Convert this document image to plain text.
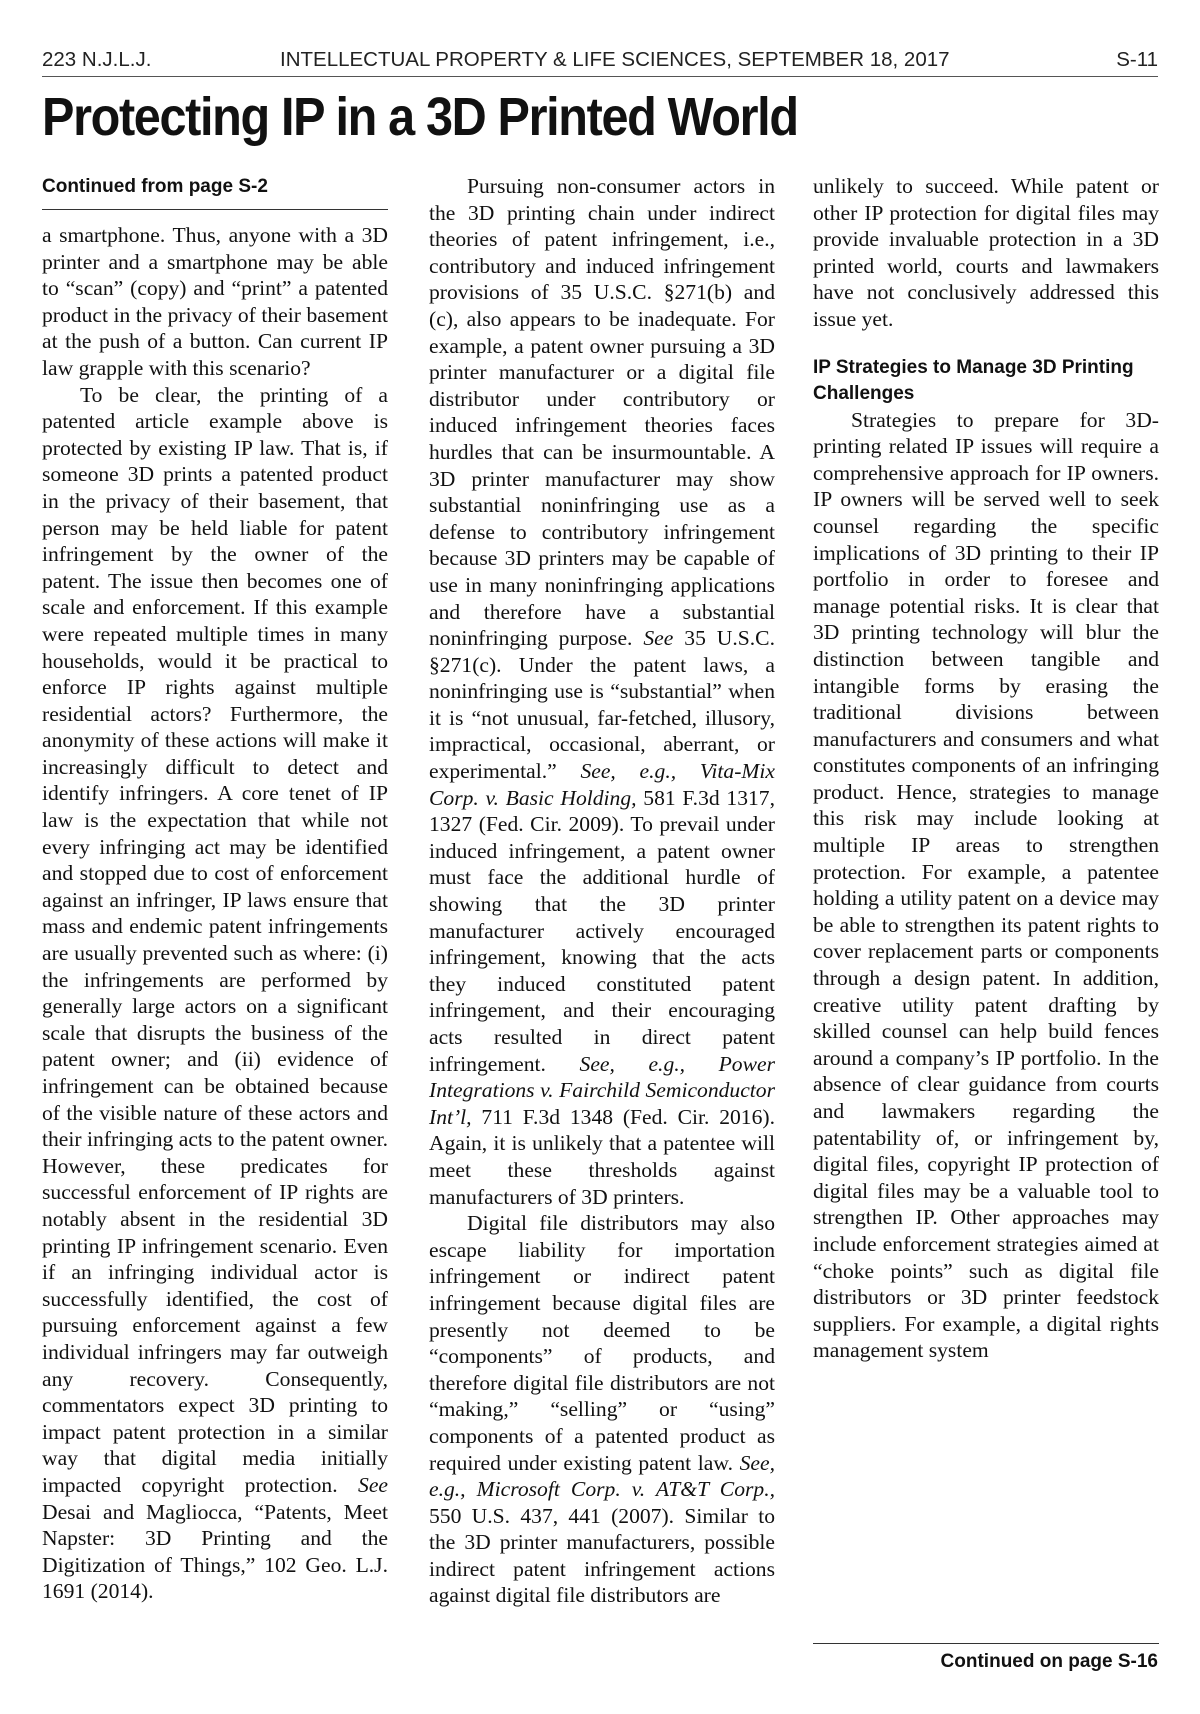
223 N.J.L.J.	INTELLECTUAL PROPERTY & LIFE SCIENCES, SEPTEMBER 18, 2017	S-11
Protecting IP in a 3D Printed World
Continued from page S-2

a smartphone. Thus, anyone with a 3D printer and a smartphone may be able to “scan” (copy) and “print” a patented product in the privacy of their basement at the push of a button. Can current IP law grapple with this scenario?

To be clear, the printing of a patented article example above is protected by existing IP law. That is, if someone 3D prints a patented product in the privacy of their basement, that person may be held liable for patent infringement by the owner of the patent. The issue then becomes one of scale and enforcement. If this example were repeated multiple times in many households, would it be practical to enforce IP rights against multiple residential actors? Furthermore, the anonymity of these actions will make it increasingly difficult to detect and identify infringers. A core tenet of IP law is the expectation that while not every infringing act may be identified and stopped due to cost of enforcement against an infringer, IP laws ensure that mass and endemic patent infringements are usually prevented such as where: (i) the infringements are performed by generally large actors on a significant scale that disrupts the business of the patent owner; and (ii) evidence of infringement can be obtained because of the visible nature of these actors and their infringing acts to the patent owner. However, these predicates for successful enforcement of IP rights are notably absent in the residential 3D printing IP infringement scenario. Even if an infringing individual actor is successfully identified, the cost of pursuing enforcement against a few individual infringers may far outweigh any recovery. Consequently, commentators expect 3D printing to impact patent protection in a similar way that digital media initially impacted copyright protection. See Desai and Magliocca, “Patents, Meet Napster: 3D Printing and the Digitization of Things,” 102 Geo. L.J. 1691 (2014).

Pursuing non-consumer actors in the 3D printing chain under indirect theories of patent infringement, i.e., contributory and induced infringement provisions of 35 U.S.C. §271(b) and (c), also appears to be inadequate. For example, a patent owner pursuing a 3D printer manufacturer or a digital file distributor under contributory or induced infringement theories faces hurdles that can be insurmountable. A 3D printer manufacturer may show substantial noninfringing use as a defense to contributory infringement because 3D printers may be capable of use in many noninfringing applications and therefore have a substantial noninfringing purpose. See 35 U.S.C. §271(c). Under the patent laws, a noninfringing use is “substantial” when it is “not unusual, far-fetched, illusory, impractical, occasional, aberrant, or experimental.” See, e.g., Vita-Mix Corp. v. Basic Holding, 581 F.3d 1317, 1327 (Fed. Cir. 2009). To prevail under induced infringement, a patent owner must face the additional hurdle of showing that the 3D printer manufacturer actively encouraged infringement, knowing that the acts they induced constituted patent infringement, and their encouraging acts resulted in direct patent infringement. See, e.g., Power Integrations v. Fairchild Semiconductor Int’l, 711 F.3d 1348 (Fed. Cir. 2016). Again, it is unlikely that a patentee will meet these thresholds against manufacturers of 3D printers.

Digital file distributors may also escape liability for importation infringement or indirect patent infringement because digital files are presently not deemed to be “components” of products, and therefore digital file distributors are not “making,” “selling” or “using” components of a patented product as required under existing patent law. See, e.g., Microsoft Corp. v. AT&T Corp., 550 U.S. 437, 441 (2007). Similar to the 3D printer manufacturers, possible indirect patent infringement actions against digital file distributors are

unlikely to succeed. While patent or other IP protection for digital files may provide invaluable protection in a 3D printed world, courts and lawmakers have not conclusively addressed this issue yet.

IP Strategies to Manage 3D Printing Challenges

Strategies to prepare for 3D-printing related IP issues will require a comprehensive approach for IP owners. IP owners will be served well to seek counsel regarding the specific implications of 3D printing to their IP portfolio in order to foresee and manage potential risks. It is clear that 3D printing technology will blur the distinction between tangible and intangible forms by erasing the traditional divisions between manufacturers and consumers and what constitutes components of an infringing product. Hence, strategies to manage this risk may include looking at multiple IP areas to strengthen protection. For example, a patentee holding a utility patent on a device may be able to strengthen its patent rights to cover replacement parts or components through a design patent. In addition, creative utility patent drafting by skilled counsel can help build fences around a company’s IP portfolio. In the absence of clear guidance from courts and lawmakers regarding the patentability of, or infringement by, digital files, copyright IP protection of digital files may be a valuable tool to strengthen IP. Other approaches may include enforcement strategies aimed at “choke points” such as digital file distributors or 3D printer feedstock suppliers. For example, a digital rights management system

Continued on page S-16
